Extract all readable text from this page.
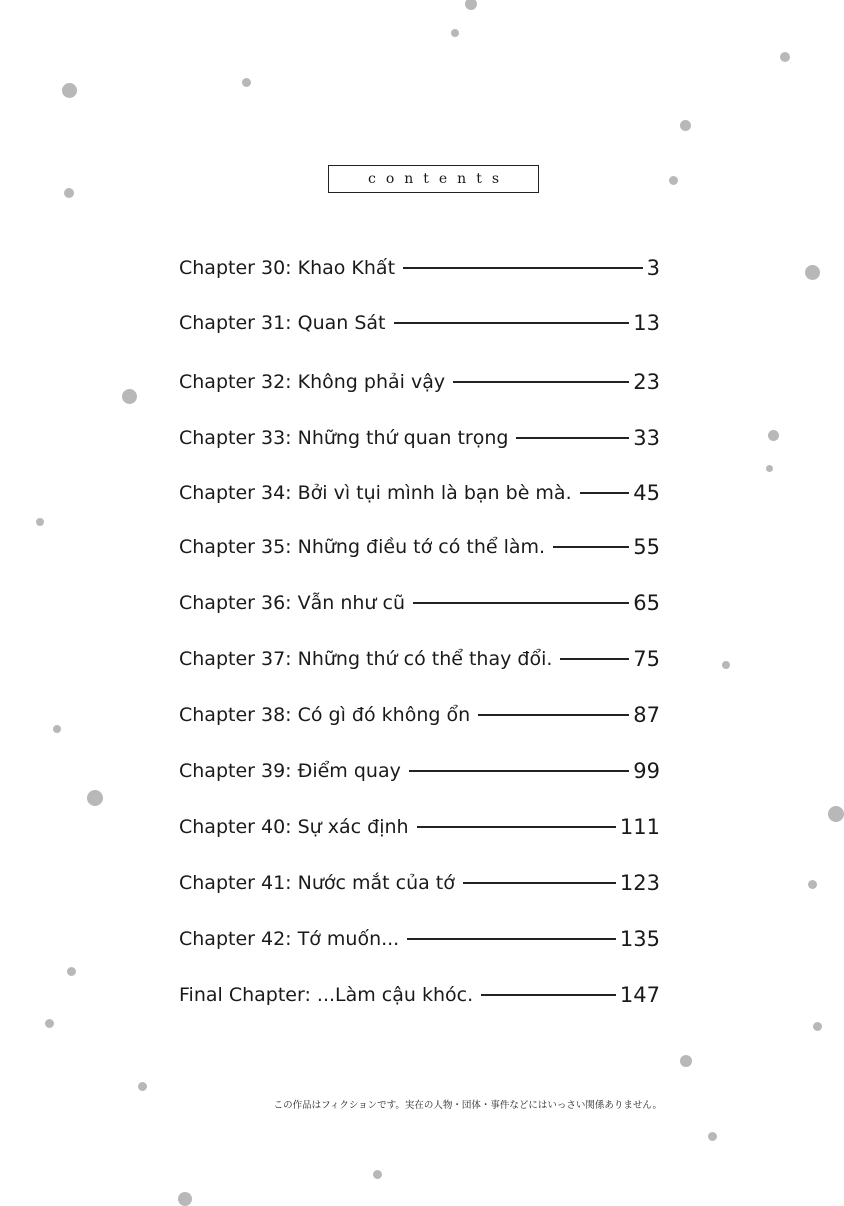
contents
Chapter 30: Khao Khất	3
Chapter 31: Quan Sát	13
Chapter 32: Không phải vậy	23
Chapter 33: Những thứ quan trọng	33
Chapter 34: Bởi vì tụi mình là bạn bè mà.	45
Chapter 35: Những điều tớ có thể làm.	55
Chapter 36: Vẫn như cũ	65
Chapter 37: Những thứ có thể thay đổi.	75
Chapter 38: Có gì đó không ổn	87
Chapter 39: Điểm quay	99
Chapter 40: Sự xác định	111
Chapter 41: Nước mắt của tớ	123
Chapter 42: Tớ muốn...	135
Final Chapter: ...Làm cậu khóc.	147
この作品はフィクションです。実在の人物・団体・事件などにはいっさい関係ありません。
